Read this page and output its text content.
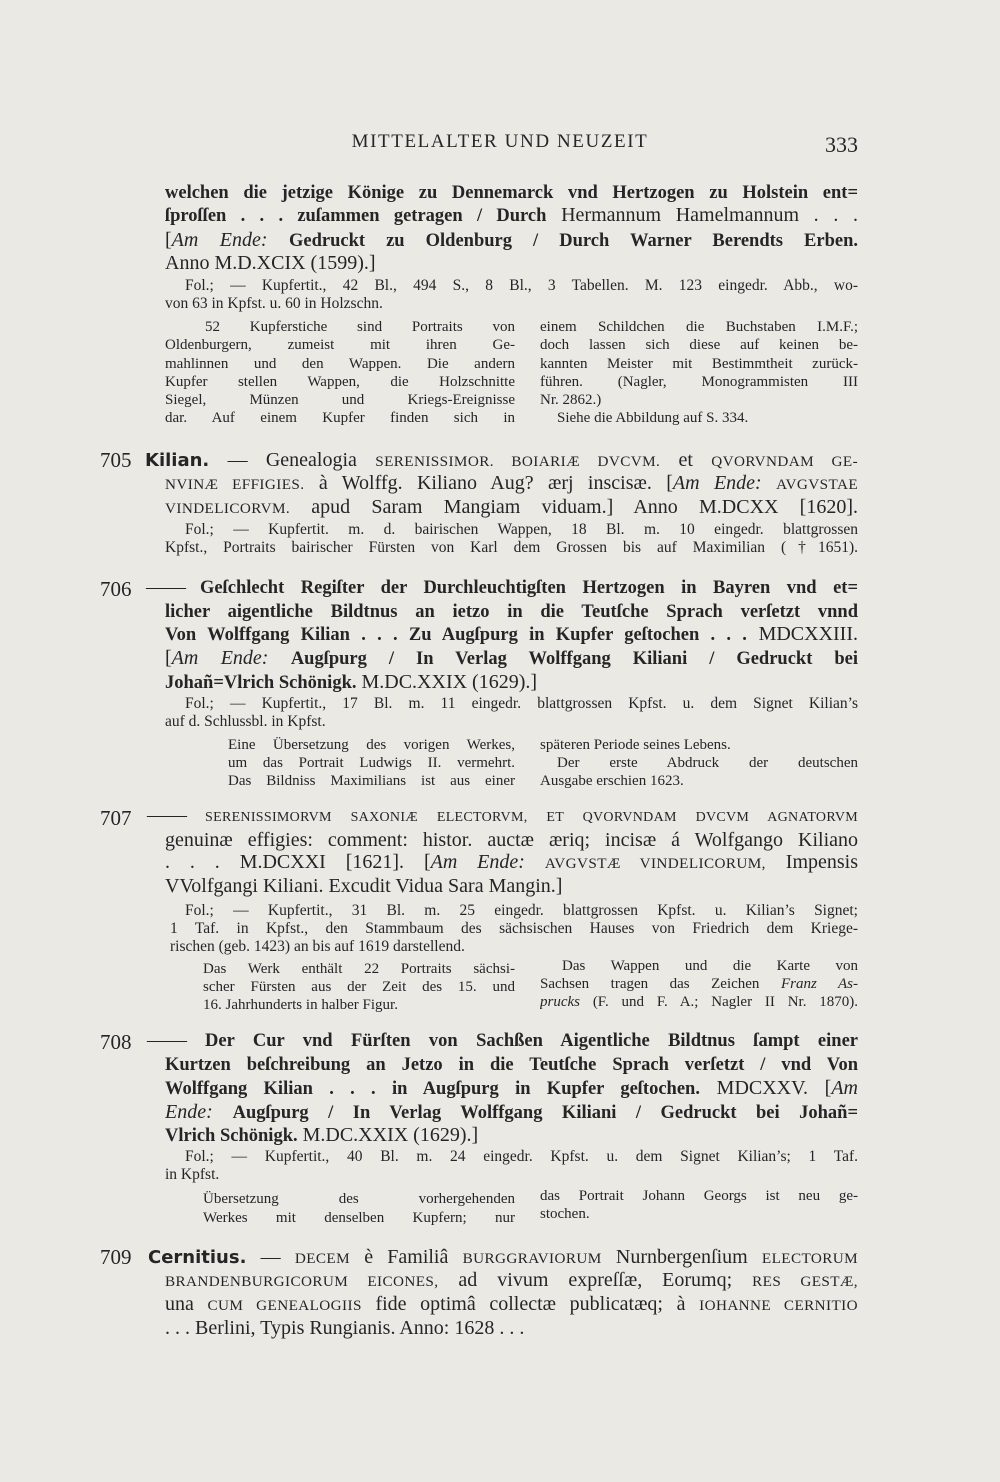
MITTELALTER UND NEUZEIT	333
welchen die jetzige Könige zu Dennemarck vnd Hertzogen zu Holstein ent=
ſproſſen . . . zuſammen getragen / Durch Hermannum Hamelmannum . . .
[Am Ende: Gedruckt zu Oldenburg / Durch Warner Berendts Erben.
Anno M.D.XCIX (1599).]
Fol.; — Kupfertit., 42 Bl., 494 S., 8 Bl., 3 Tabellen. M. 123 eingedr. Abb., wo-
von 63 in Kpfst. u. 60 in Holzschn.
52 Kupferstiche sind Portraits von
Oldenburgern, zumeist mit ihren Ge-
mahlinnen und den Wappen. Die andern
Kupfer stellen Wappen, die Holzschnitte
Siegel, Münzen und Kriegs-Ereignisse
dar. Auf einem Kupfer finden sich in
einem Schildchen die Buchstaben I.M.F.;
doch lassen sich diese auf keinen be-
kannten Meister mit Bestimmtheit zurück-
führen. (Nagler, Monogrammisten III
Nr. 2862.)
Siehe die Abbildung auf S. 334.
705 Kilian. — Genealogia SERENISSIMOR. BOIARIÆ DVCVM. et QVORVNDAM GE-
NVINÆ EFFIGIES. à Wolffg. Kiliano Aug? ærj inscisæ. [Am Ende: AVGVSTAE
VINDELICORVM. apud Saram Mangiam viduam.] Anno M.DCXX [1620].
Fol.; — Kupfertit. m. d. bairischen Wappen, 18 Bl. m. 10 eingedr. blattgrossen
Kpfst., Portraits bairischer Fürsten von Karl dem Grossen bis auf Maximilian (†1651).
706 —— Geſchlecht Regiſter der Durchleuchtigſten Hertzogen in Bayren vnd et=
licher aigentliche Bildtnus an ietzo in die Teutſche Sprach verſetzt vnnd
Von Wolffgang Kilian . . . Zu Augſpurg in Kupfer geſtochen . . . MDCXXIII.
[Am Ende: Augſpurg / In Verlag Wolffgang Kiliani / Gedruckt bei
Johañ=Vlrich Schönigk. M.DC.XXIX (1629).]
Fol.; — Kupfertit., 17 Bl. m. 11 eingedr. blattgrossen Kpfst. u. dem Signet Kilian’s
auf d. Schlussbl. in Kpfst.
Eine Übersetzung des vorigen Werkes,
um das Portrait Ludwigs II. vermehrt.
Das Bildniss Maximilians ist aus einer
späteren Periode seines Lebens.
Der erste Abdruck der deutschen
Ausgabe erschien 1623.
707 —— SERENISSIMORVM SAXONIÆ ELECTORVM, ET QVORVNDAM DVCVM AGNATORVM
genuinæ effigies: comment: histor. auctæ æriq; incisæ á Wolfgango Kiliano
. . . M.DCXXI [1621]. [Am Ende: AVGVSTÆ VINDELICORUM, Impensis
VVolfgangi Kiliani. Excudit Vidua Sara Mangin.]
Fol.; — Kupfertit., 31 Bl. m. 25 eingedr. blattgrossen Kpfst. u. Kilian’s Signet;
1 Taf. in Kpfst., den Stammbaum des sächsischen Hauses von Friedrich dem Kriege-
rischen (geb. 1423) an bis auf 1619 darstellend.
Das Werk enthält 22 Portraits sächsi-
scher Fürsten aus der Zeit des 15. und
16. Jahrhunderts in halber Figur.
Das Wappen und die Karte von
Sachsen tragen das Zeichen Franz As-
prucks (F. und F. A.; Nagler II Nr. 1870).
708 —— Der Cur vnd Fürſten von Sachßen Aigentliche Bildtnus ſampt einer
Kurtzen beſchreibung an Jetzo in die Teutſche Sprach verſetzt / vnd Von
Wolffgang Kilian . . . in Augſpurg in Kupfer geſtochen. MDCXXV. [Am
Ende: Augſpurg / In Verlag Wolffgang Kiliani / Gedruckt bei Johañ=
Vlrich Schönigk. M.DC.XXIX (1629).]
Fol.; — Kupfertit., 40 Bl. m. 24 eingedr. Kpfst. u. dem Signet Kilian’s; 1 Taf.
in Kpfst.
Übersetzung des vorhergehenden
Werkes mit denselben Kupfern; nur
das Portrait Johann Georgs ist neu ge-
stochen.
709 Cernitius. — DECEM è Familiâ BURGGRAVIORUM Nurnbergenſium ELECTORUM
BRANDENBURGICORUM EICONES, ad vivum expreſſæ, Eorumq; RES GESTÆ,
una CUM GENEALOGIIS fide optimâ collectæ publicatæq; à IOHANNE CERNITIO
. . . Berlini, Typis Rungianis. Anno: 1628 . . .
